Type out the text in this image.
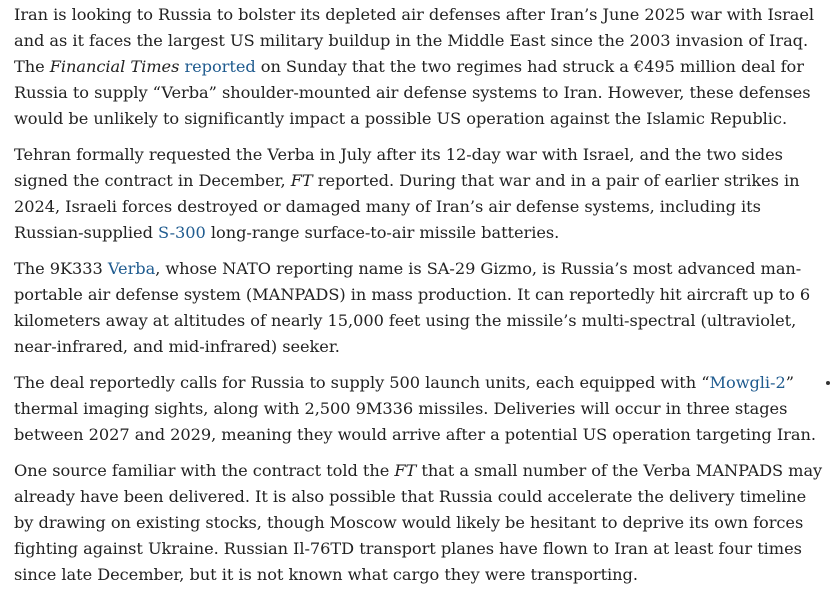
Iran is looking to Russia to bolster its depleted air defenses after Iran’s June 2025 war with Israel and as it faces the largest US military buildup in the Middle East since the 2003 invasion of Iraq. The Financial Times reported on Sunday that the two regimes had struck a €495 million deal for Russia to supply “Verba” shoulder-mounted air defense systems to Iran. However, these defenses would be unlikely to significantly impact a possible US operation against the Islamic Republic.

Tehran formally requested the Verba in July after its 12-day war with Israel, and the two sides signed the contract in December, FT reported. During that war and in a pair of earlier strikes in 2024, Israeli forces destroyed or damaged many of Iran’s air defense systems, including its Russian-supplied S-300 long-range surface-to-air missile batteries.

The 9K333 Verba, whose NATO reporting name is SA-29 Gizmo, is Russia’s most advanced man-portable air defense system (MANPADS) in mass production. It can reportedly hit aircraft up to 6 kilometers away at altitudes of nearly 15,000 feet using the missile’s multi-spectral (ultraviolet, near-infrared, and mid-infrared) seeker.

The deal reportedly calls for Russia to supply 500 launch units, each equipped with “Mowgli-2” thermal imaging sights, along with 2,500 9M336 missiles. Deliveries will occur in three stages between 2027 and 2029, meaning they would arrive after a potential US operation targeting Iran.

One source familiar with the contract told the FT that a small number of the Verba MANPADS may already have been delivered. It is also possible that Russia could accelerate the delivery timeline by drawing on existing stocks, though Moscow would likely be hesitant to deprive its own forces fighting against Ukraine. Russian Il-76TD transport planes have flown to Iran at least four times since late December, but it is not known what cargo they were transporting.
